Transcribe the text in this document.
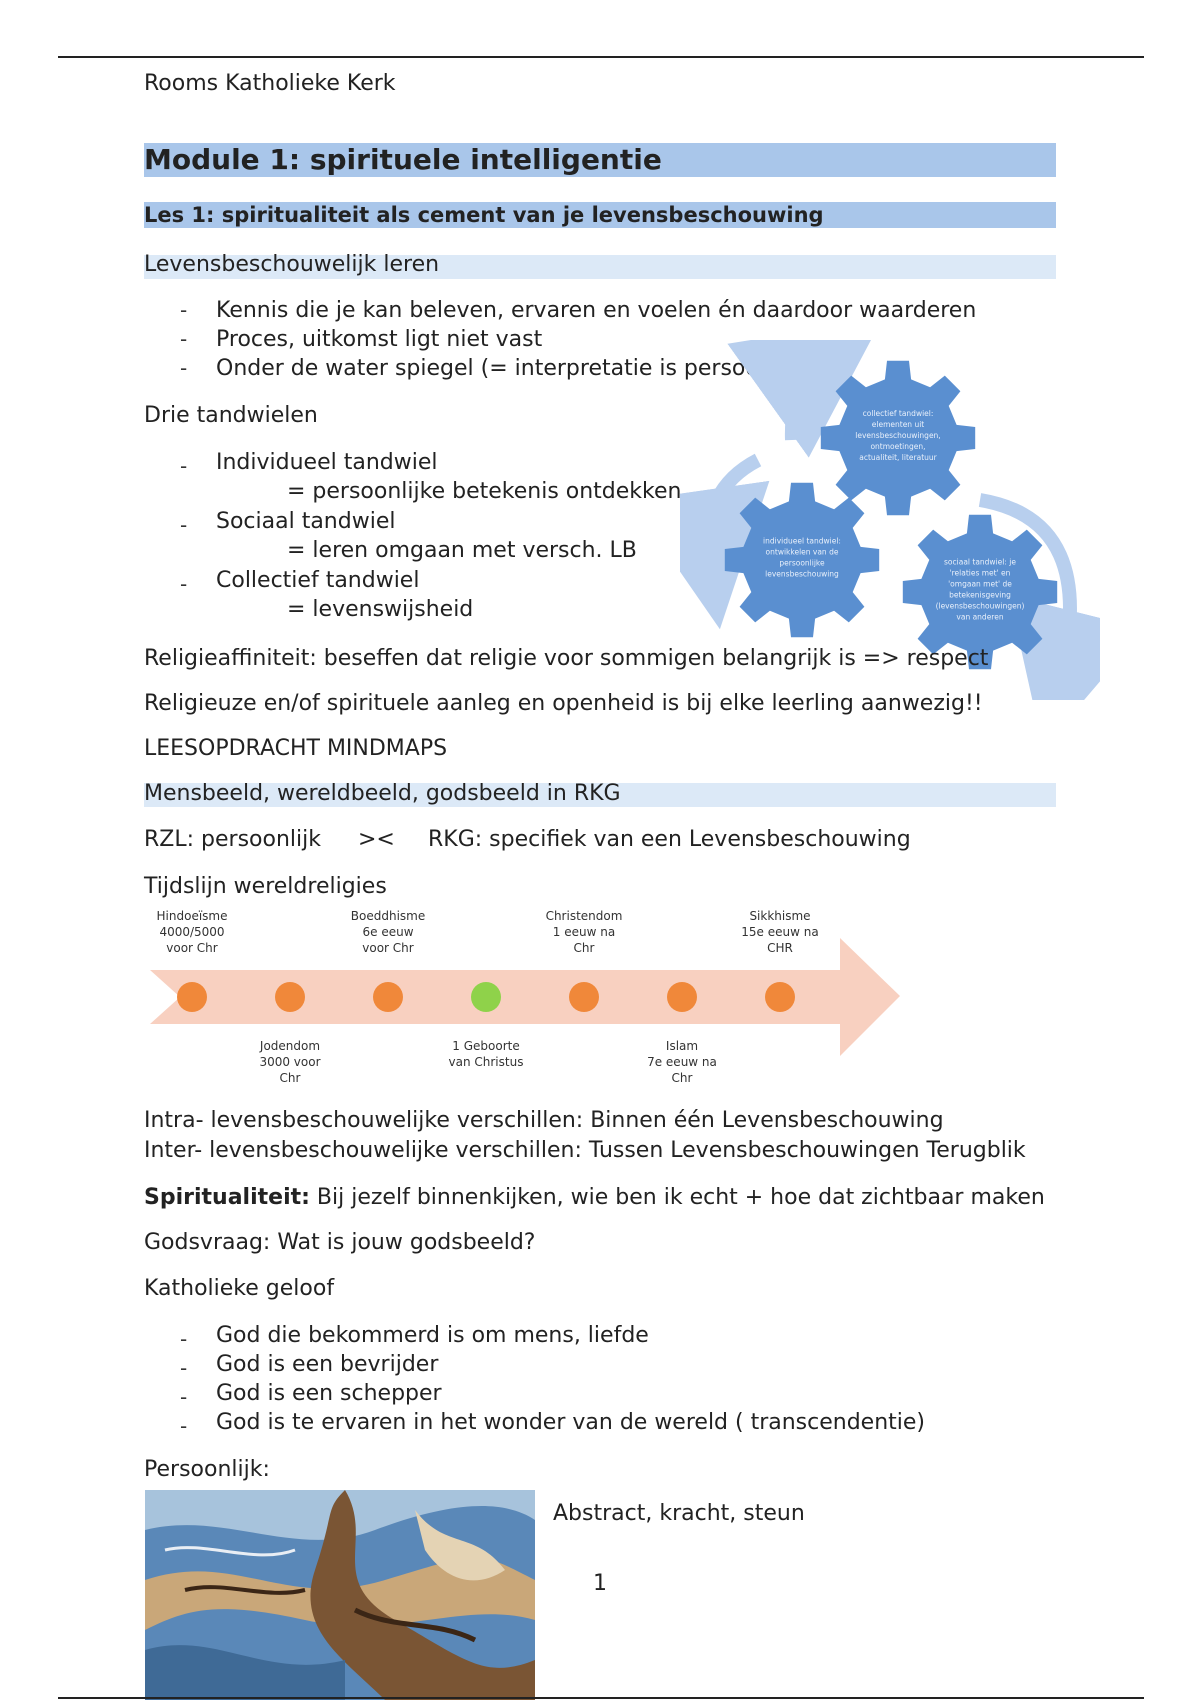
Rooms Katholieke Kerk
Module 1: spirituele intelligentie
Les 1: spiritualiteit als cement van je levensbeschouwing
Levensbeschouwelijk leren
- Kennis die je kan beleven, ervaren en voelen én daardoor waarderen
- Proces, uitkomst ligt niet vast
- Onder de water spiegel (= interpretatie is persoonlijk)
Drie tandwielen
- Individueel tandwiel
= persoonlijke betekenis ontdekken
- Sociaal tandwiel
= leren omgaan met versch. LB
- Collectief tandwiel
= levenswijsheid
collectief tandwiel:
elementen uit
levensbeschouwingen,
ontmoetingen,
actualiteit, literatuur
individueel tandwiel:
ontwikkelen van de
persoonlijke
levensbeschouwing
sociaal tandwiel: je
'relaties met' en
'omgaan met' de
betekenisgeving
(levensbeschouwingen)
van anderen
Religieaffiniteit: beseffen dat religie voor sommigen belangrijk is => respect
Religieuze en/of spirituele aanleg en openheid is bij elke leerling aanwezig!!
LEESOPDRACHT MINDMAPS
Mensbeeld, wereldbeeld, godsbeeld in RKG
RZL: persoonlijk >< RKG: specifiek van een Levensbeschouwing
Tijdslijn wereldreligies
Hindoeïsme
4000/5000
voor Chr
Jodendom
3000 voor
Chr
Boeddhisme
6e eeuw
voor Chr
1 Geboorte
van Christus
Christendom
1 eeuw na
Chr
Islam
7e eeuw na
Chr
Sikkhisme
15e eeuw na
CHR
Intra- levensbeschouwelijke verschillen: Binnen één Levensbeschouwing
Inter- levensbeschouwelijke verschillen: Tussen Levensbeschouwingen Terugblik
Spiritualiteit: Bij jezelf binnenkijken, wie ben ik echt + hoe dat zichtbaar maken
Godsvraag: Wat is jouw godsbeeld?
Katholieke geloof
- God die bekommerd is om mens, liefde
- God is een bevrijder
- God is een schepper
- God is te ervaren in het wonder van de wereld ( transcendentie)
Persoonlijk:
Abstract, kracht, steun
1
